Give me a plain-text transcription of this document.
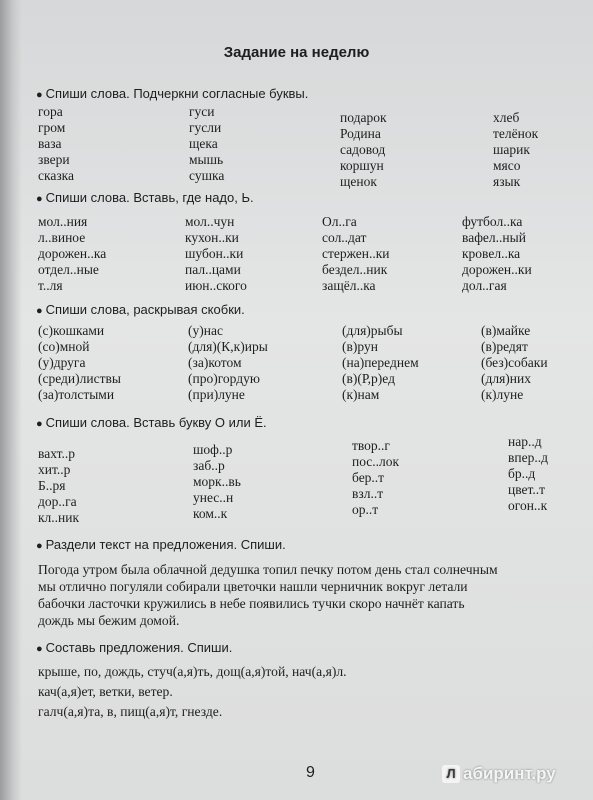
Задание на неделю
● Спиши слова. Подчеркни согласные буквы.
гора
гром
ваза
звери
сказка
гуси
гусли
щека
мышь
сушка
подарок
Родина
садовод
коршун
щенок
хлеб
телёнок
шарик
мясо
язык
● Спиши слова. Вставь, где надо, Ь.
мол..ния
л..виное
дорожен..ка
отдел..ные
т..ля
мол..чун
кухон..ки
шубон..ки
пал..цами
июн..ского
Ол..га
сол..дат
стержен..ки
бездел..ник
защёл..ка
футбол..ка
вафел..ный
кровел..ка
дорожен..ки
дол..гая
● Спиши слова, раскрывая скобки.
(с)кошками
(со)мной
(у)друга
(среди)листвы
(за)толстыми
(у)нас
(для)(К,к)иры
(за)котом
(про)гордую
(при)луне
(для)рыбы
(в)рун
(на)переднем
(в)(Р,р)ед
(к)нам
(в)майке
(в)редят
(без)собаки
(для)них
(к)луне
● Спиши слова. Вставь букву О или Ё.
вахт..р
хит..р
Б..ря
дор..га
кл..ник
шоф..р
заб..р
морк..вь
унес..н
ком..к
твор..г
пос..лок
бер..т
взл..т
ор..т
нар..д
впер..д
бр..д
цвет..т
огон..к
● Раздели текст на предложения. Спиши.
Погода утром была облачной дедушка топил печку потом день стал солнечным
мы отлично погуляли собирали цветочки нашли черничник вокруг летали
бабочки ласточки кружились в небе появились тучки скоро начнёт капать
дождь мы бежим домой.
● Составь предложения. Спиши.
крыше, по, дождь, стуч(а,я)ть, дощ(а,я)той, нач(а,я)л.
кач(а,я)ет, ветки, ветер.
галч(а,я)та, в, пищ(а,я)т, гнезде.
9	Л абиринт.ру
